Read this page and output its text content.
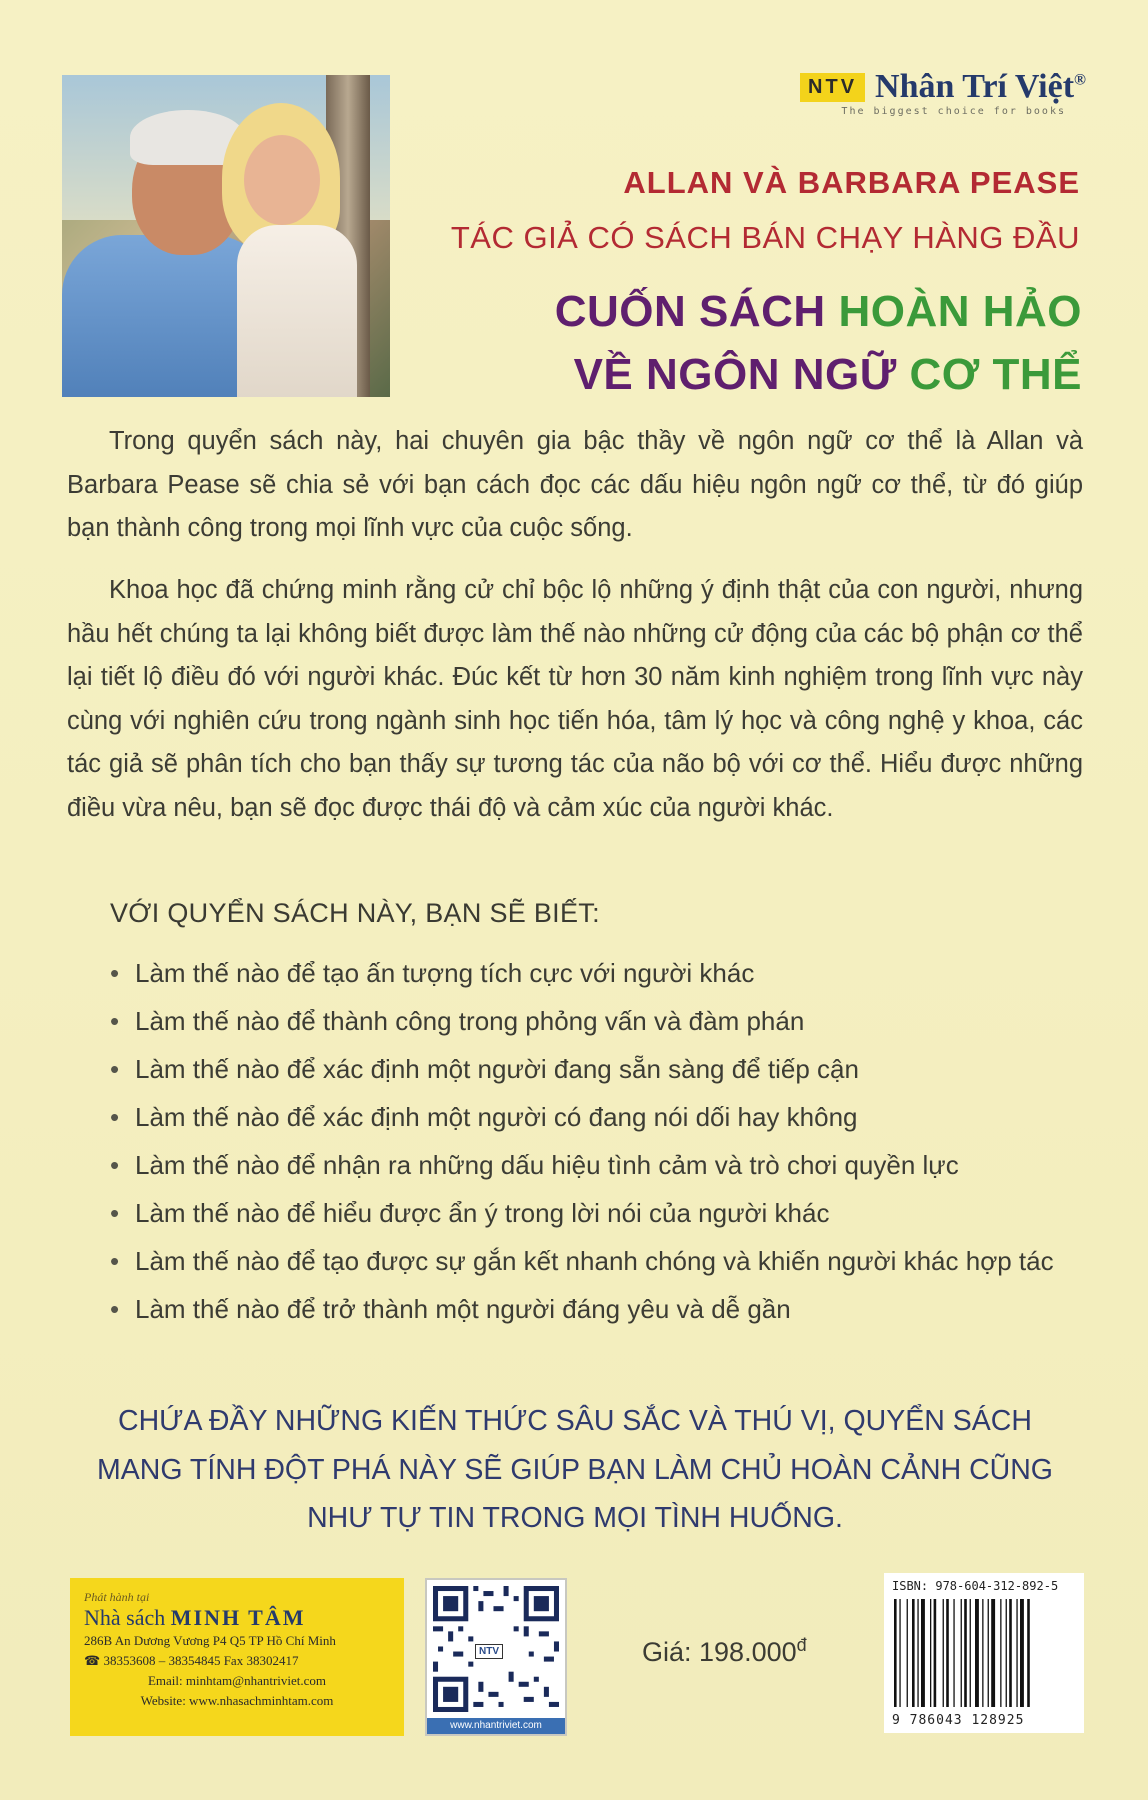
NTV Nhân Trí Việt®
The biggest choice for books
ALLAN VÀ BARBARA PEASE
TÁC GIẢ CÓ SÁCH BÁN CHẠY HÀNG ĐẦU
CUỐN SÁCH HOÀN HẢO
VỀ NGÔN NGỮ CƠ THỂ

Trong quyển sách này, hai chuyên gia bậc thầy về ngôn ngữ cơ thể là Allan và Barbara Pease sẽ chia sẻ với bạn cách đọc các dấu hiệu ngôn ngữ cơ thể, từ đó giúp bạn thành công trong mọi lĩnh vực của cuộc sống.

Khoa học đã chứng minh rằng cử chỉ bộc lộ những ý định thật của con người, nhưng hầu hết chúng ta lại không biết được làm thế nào những cử động của các bộ phận cơ thể lại tiết lộ điều đó với người khác. Đúc kết từ hơn 30 năm kinh nghiệm trong lĩnh vực này cùng với nghiên cứu trong ngành sinh học tiến hóa, tâm lý học và công nghệ y khoa, các tác giả sẽ phân tích cho bạn thấy sự tương tác của não bộ với cơ thể. Hiểu được những điều vừa nêu, bạn sẽ đọc được thái độ và cảm xúc của người khác.

VỚI QUYỂN SÁCH NÀY, BẠN SẼ BIẾT:
• Làm thế nào để tạo ấn tượng tích cực với người khác
• Làm thế nào để thành công trong phỏng vấn và đàm phán
• Làm thế nào để xác định một người đang sẵn sàng để tiếp cận
• Làm thế nào để xác định một người có đang nói dối hay không
• Làm thế nào để nhận ra những dấu hiệu tình cảm và trò chơi quyền lực
• Làm thế nào để hiểu được ẩn ý trong lời nói của người khác
• Làm thế nào để tạo được sự gắn kết nhanh chóng và khiến người khác hợp tác
• Làm thế nào để trở thành một người đáng yêu và dễ gần
CHỨA ĐẦY NHỮNG KIẾN THỨC SÂU SẮC VÀ THÚ VỊ, QUYỂN SÁCH
MANG TÍNH ĐỘT PHÁ NÀY SẼ GIÚP BẠN LÀM CHỦ HOÀN CẢNH CŨNG
NHƯ TỰ TIN TRONG MỌI TÌNH HUỐNG.
Phát hành tại
Nhà sách MINH TÂM
286B An Dương Vương P4 Q5 TP Hồ Chí Minh
☎ 38353608 – 38354845 Fax 38302417
Email: minhtam@nhantriviet.com
Website: www.nhasachminhtam.com
NTV
www.nhantriviet.com
Giá: $198.000^đ$
ISBN: 978-604-312-892-5
9 786043 128925
